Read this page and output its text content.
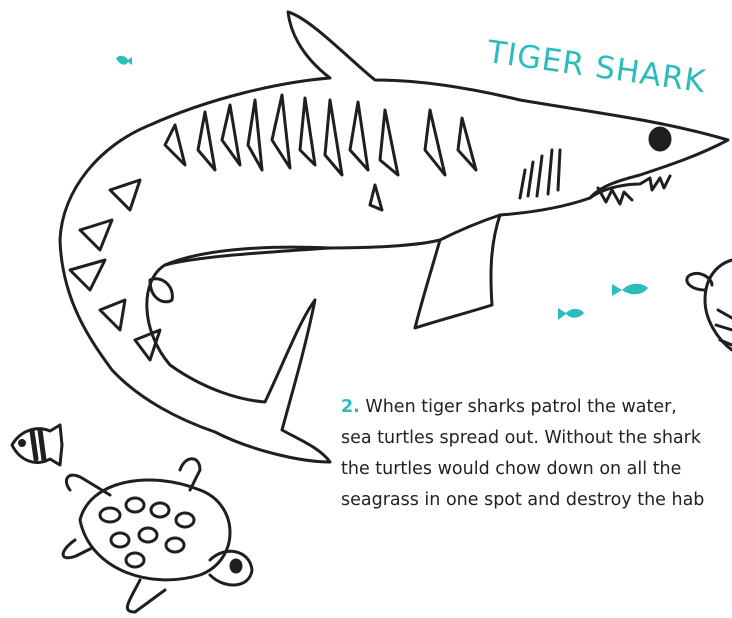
TIGER SHARK
2. When tiger sharks patrol the water,
sea turtles spread out. Without the shark
the turtles would chow down on all the
seagrass in one spot and destroy the hab
